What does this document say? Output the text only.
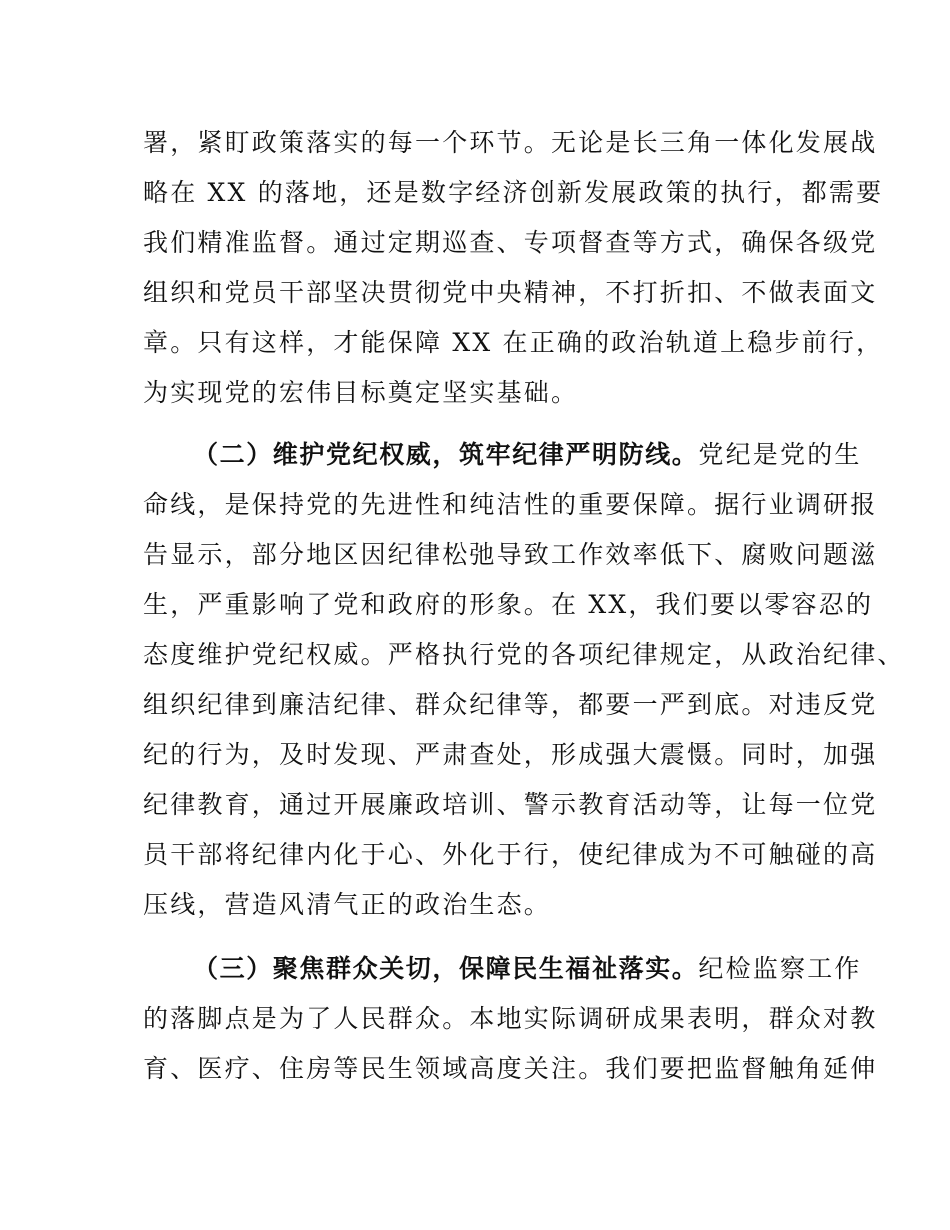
署，紧盯政策落实的每一个环节。无论是长三角一体化发展战
略在 XX 的落地，还是数字经济创新发展政策的执行，都需要
我们精准监督。通过定期巡查、专项督查等方式，确保各级党
组织和党员干部坚决贯彻党中央精神，不打折扣、不做表面文
章。只有这样，才能保障 XX 在正确的政治轨道上稳步前行，
为实现党的宏伟目标奠定坚实基础。
（二）维护党纪权威，筑牢纪律严明防线。党纪是党的生
命线，是保持党的先进性和纯洁性的重要保障。据行业调研报
告显示，部分地区因纪律松弛导致工作效率低下、腐败问题滋
生，严重影响了党和政府的形象。在 XX，我们要以零容忍的
态度维护党纪权威。严格执行党的各项纪律规定，从政治纪律、
组织纪律到廉洁纪律、群众纪律等，都要一严到底。对违反党
纪的行为，及时发现、严肃查处，形成强大震慑。同时，加强
纪律教育，通过开展廉政培训、警示教育活动等，让每一位党
员干部将纪律内化于心、外化于行，使纪律成为不可触碰的高
压线，营造风清气正的政治生态。
（三）聚焦群众关切，保障民生福祉落实。纪检监察工作
的落脚点是为了人民群众。本地实际调研成果表明，群众对教
育、医疗、住房等民生领域高度关注。我们要把监督触角延伸
